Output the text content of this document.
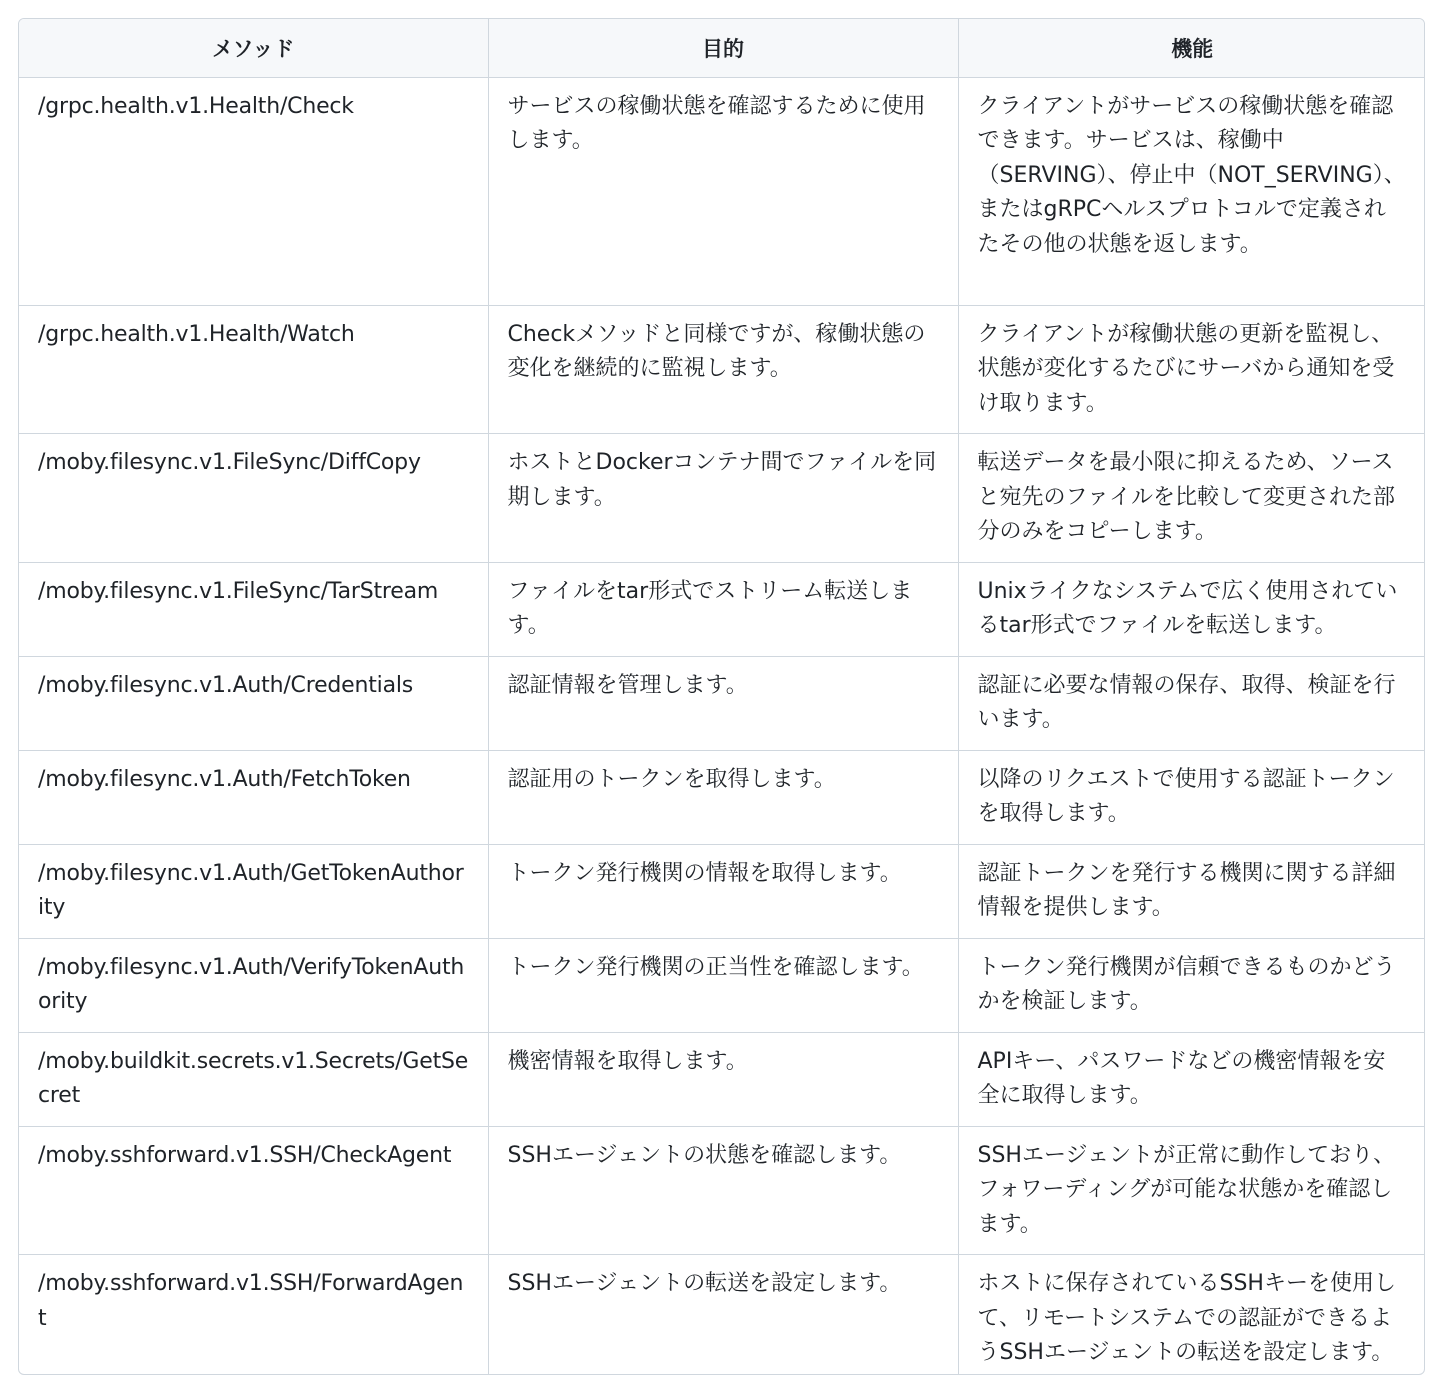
メソッド	目的	機能
/grpc.health.v1.Health/Check	サービスの稼働状態を確認するために使用します。	クライアントがサービスの稼働状態を確認できます。サービスは、稼働中（SERVING）、停止中（NOT_SERVING）、またはgRPCヘルスプロトコルで定義されたその他の状態を返します。
/grpc.health.v1.Health/Watch	Checkメソッドと同様ですが、稼働状態の変化を継続的に監視します。	クライアントが稼働状態の更新を監視し、状態が変化するたびにサーバから通知を受け取ります。
/moby.filesync.v1.FileSync/DiffCopy	ホストとDockerコンテナ間でファイルを同期します。	転送データを最小限に抑えるため、ソースと宛先のファイルを比較して変更された部分のみをコピーします。
/moby.filesync.v1.FileSync/TarStream	ファイルをtar形式でストリーム転送します。	Unixライクなシステムで広く使用されているtar形式でファイルを転送します。
/moby.filesync.v1.Auth/Credentials	認証情報を管理します。	認証に必要な情報の保存、取得、検証を行います。
/moby.filesync.v1.Auth/FetchToken	認証用のトークンを取得します。	以降のリクエストで使用する認証トークンを取得します。
/moby.filesync.v1.Auth/GetTokenAuthority	トークン発行機関の情報を取得します。	認証トークンを発行する機関に関する詳細情報を提供します。
/moby.filesync.v1.Auth/VerifyTokenAuthority	トークン発行機関の正当性を確認します。	トークン発行機関が信頼できるものかどうかを検証します。
/moby.buildkit.secrets.v1.Secrets/GetSecret	機密情報を取得します。	APIキー、パスワードなどの機密情報を安全に取得します。
/moby.sshforward.v1.SSH/CheckAgent	SSHエージェントの状態を確認します。	SSHエージェントが正常に動作しており、フォワーディングが可能な状態かを確認します。
/moby.sshforward.v1.SSH/ForwardAgent	SSHエージェントの転送を設定します。	ホストに保存されているSSHキーを使用して、リモートシステムでの認証ができるようSSHエージェントの転送を設定します。
